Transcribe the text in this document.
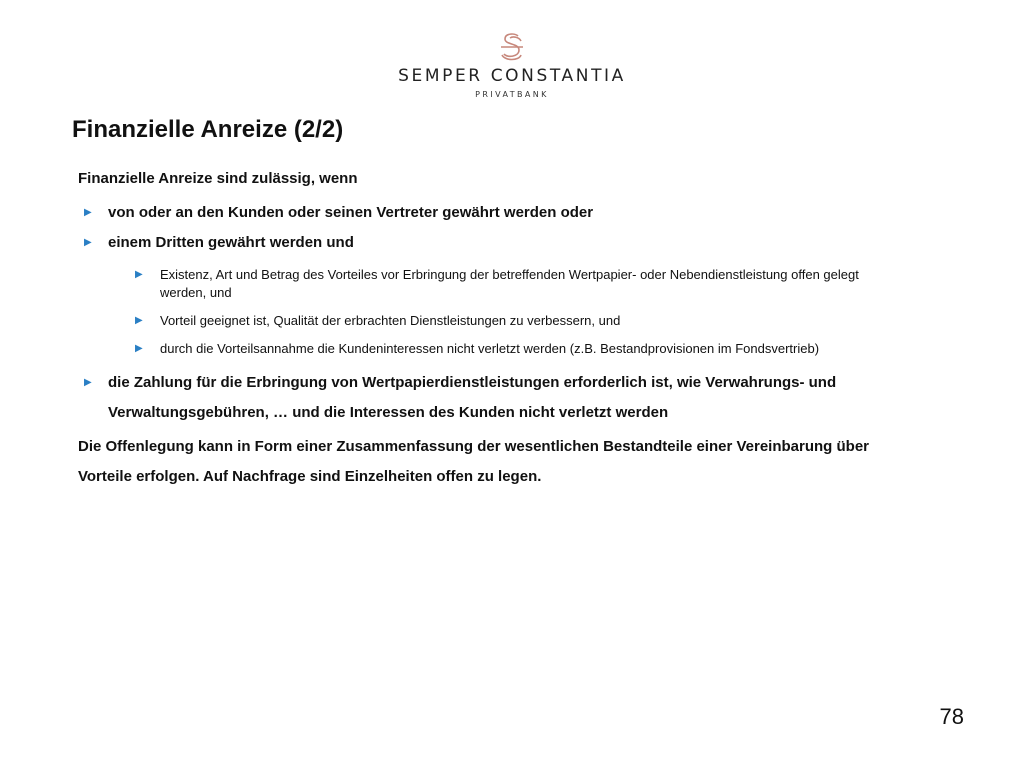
SEMPER CONSTANTIA
PRIVATBANK
Finanzielle Anreize (2/2)

Finanzielle Anreize sind zulässig, wenn

▶ von oder an den Kunden oder seinen Vertreter gewährt werden oder
▶ einem Dritten gewährt werden und
▶ Existenz, Art und Betrag des Vorteiles vor Erbringung der betreffenden Wertpapier- oder Nebendienstleistung offen gelegt werden, und
▶ Vorteil geeignet ist, Qualität der erbrachten Dienstleistungen zu verbessern, und
▶ durch die Vorteilsannahme die Kundeninteressen nicht verletzt werden (z.B. Bestandprovisionen im Fondsvertrieb)
▶ die Zahlung für die Erbringung von Wertpapierdienstleistungen erforderlich ist, wie Verwahrungs- und Verwaltungsgebühren, … und die Interessen des Kunden nicht verletzt werden

Die Offenlegung kann in Form einer Zusammenfassung der wesentlichen Bestandteile einer Vereinbarung über Vorteile erfolgen. Auf Nachfrage sind Einzelheiten offen zu legen.

78
